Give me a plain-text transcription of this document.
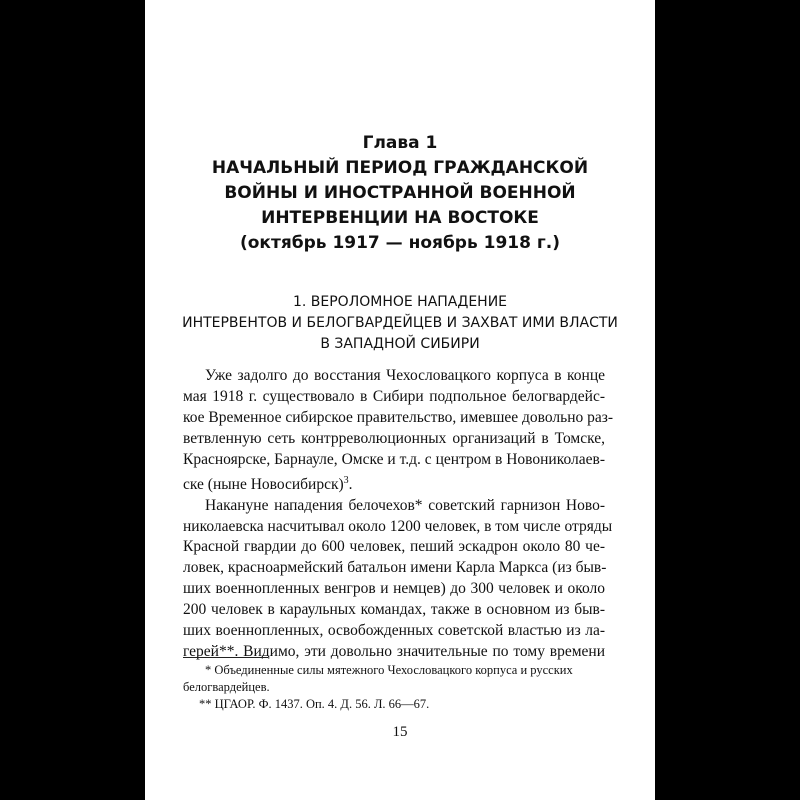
Глава 1
НАЧАЛЬНЫЙ ПЕРИОД ГРАЖДАНСКОЙ
ВОЙНЫ И ИНОСТРАННОЙ ВОЕННОЙ
ИНТЕРВЕНЦИИ НА ВОСТОКЕ
(октябрь 1917 — ноябрь 1918 г.)
1. ВЕРОЛОМНОЕ НАПАДЕНИЕ
ИНТЕРВЕНТОВ И БЕЛОГВАРДЕЙЦЕВ И ЗАХВАТ ИМИ ВЛАСТИ
В ЗАПАДНОЙ СИБИРИ
Уже задолго до восстания Чехословацкого корпуса в конце
мая 1918 г. существовало в Сибири подпольное белогвардейс-
кое Временное сибирское правительство, имевшее довольно раз-
ветвленную сеть контрреволюционных организаций в Томске,
Красноярске, Барнауле, Омске и т.д. с центром в Новониколаев-
ске (ныне Новосибирск)$^3$.
Накануне нападения белочехов* советский гарнизон Ново-
николаевска насчитывал около 1200 человек, в том числе отряды
Красной гвардии до 600 человек, пеший эскадрон около 80 че-
ловек, красноармейский батальон имени Карла Маркса (из быв-
ших военнопленных венгров и немцев) до 300 человек и около
200 человек в караульных командах, также в основном из быв-
ших военнопленных, освобожденных советской властью из ла-
герей**. Видимо, эти довольно значительные по тому времени
* Объединенные силы мятежного Чехословацкого корпуса и русских
белогвардейцев.
** ЦГАОР. Ф. 1437. Оп. 4. Д. 56. Л. 66—67.
15
